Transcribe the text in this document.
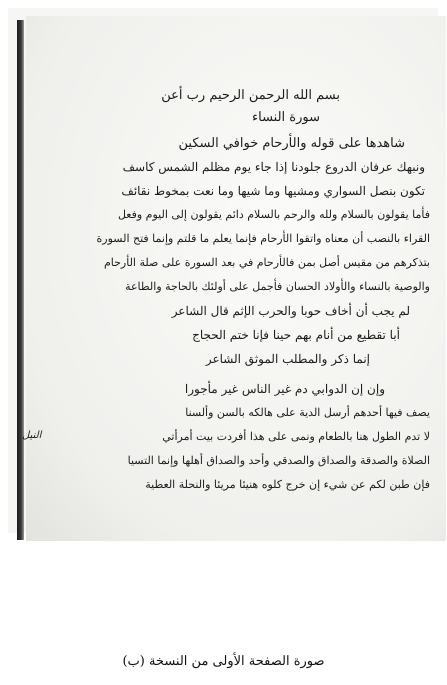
بسم الله الرحمن الرحيم رب أعن
سورة النساء
شاهدها على قوله والأرحام خوافي السكين
ونبهك عرفان الدروع جلودنا إذا جاء يوم مظلم الشمس كاسف
تكون بنصل السواري ومشيها وما شيها وما نعت بمخوط نقائف
فأما يقولون بالسلام ولله والرحم بالسلام دائم يقولون إلى اليوم وفعل
القراء بالنصب أن معناه واتقوا الأرحام فإنما يعلم ما قلتم وإنما فتح السورة
بتذكرهم من مقيس أصل بمن فالأرحام في بعد السورة على صلة الأرحام
والوصية بالنساء والأولاد الحسان فأجمل على أولئك بالحاجة والطاعة
لم يجب أن أخاف حوبا والحرب الإثم قال الشاعر
أبا تقطيع من أنام بهم حينا فإنا ختم الحجاج
إنما ذكر والمطلب الموثق الشاعر
وإن إن الدوابي دم غير الناس غير مأجورا
يصف فيها أحدهم أرسل الدية على هالكه بالسن وألسنا
لا تدم الطول هنا بالطعام ونمى على هذا أفردت بيت أمرأتي
الصلاة والصدقة والصداق والصدقي وأحد والصداق أهلها وإنما التسيا
فإن طبن لكم عن شيء إن خرج كلوه هنيئا مريئا والنحلة العطية
النيل
صورة الصفحة الأولى من النسخة (ب)
